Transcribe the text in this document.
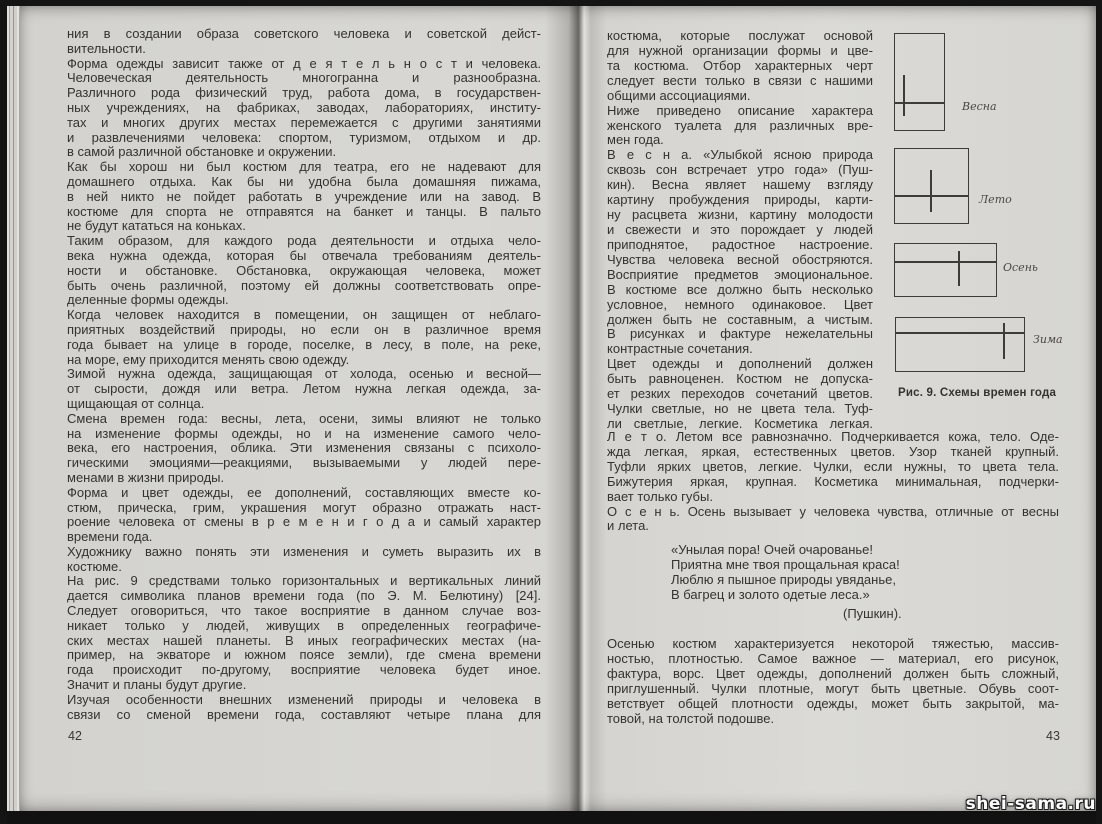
ния в создании образа советского человека и советской дейст-
вительности.
Форма одежды зависит также от д е я т е л ь н о с т и человека.
Человеческая деятельность многогранна и разнообразна.
Различного рода физический труд, работа дома, в государствен-
ных учреждениях, на фабриках, заводах, лабораториях, институ-
тах и многих других местах перемежается с другими занятиями
и развлечениями человека: спортом, туризмом, отдыхом и др.
в самой различной обстановке и окружении.
Как бы хорош ни был костюм для театра, его не надевают для
домашнего отдыха. Как бы ни удобна была домашняя пижама,
в ней никто не пойдет работать в учреждение или на завод. В
костюме для спорта не отправятся на банкет и танцы. В пальто
не будут кататься на коньках.
Таким образом, для каждого рода деятельности и отдыха чело-
века нужна одежда, которая бы отвечала требованиям деятель-
ности и обстановке. Обстановка, окружающая человека, может
быть очень различной, поэтому ей должны соответствовать опре-
деленные формы одежды.
Когда человек находится в помещении, он защищен от неблаго-
приятных воздействий природы, но если он в различное время
года бывает на улице в городе, поселке, в лесу, в поле, на реке,
на море, ему приходится менять свою одежду.
Зимой нужна одежда, защищающая от холода, осенью и весной—
от сырости, дождя или ветра. Летом нужна легкая одежда, за-
щищающая от солнца.
Смена времен года: весны, лета, осени, зимы влияют не только
на изменение формы одежды, но и на изменение самого чело-
века, его настроения, облика. Эти изменения связаны с психоло-
гическими эмоциями—реакциями, вызываемыми у людей пере-
менами в жизни природы.
Форма и цвет одежды, ее дополнений, составляющих вместе ко-
стюм, прическа, грим, украшения могут образно отражать наст-
роение человека от смены в р е м е н и г о д а и самый характер
времени года.
Художнику важно понять эти изменения и суметь выразить их в
костюме.
На рис. 9 средствами только горизонтальных и вертикальных линий
дается символика планов времени года (по Э. М. Белютину) [24].
Следует оговориться, что такое восприятие в данном случае воз-
никает только у людей, живущих в определенных географиче-
ских местах нашей планеты. В иных географических местах (на-
пример, на экваторе и южном поясе земли), где смена времени
года происходит по-другому, восприятие человека будет иное.
Значит и планы будут другие.
Изучая особенности внешних изменений природы и человека в
связи со сменой времени года, составляют четыре плана для
42
костюма, которые послужат основой
для нужной организации формы и цве-
та костюма. Отбор характерных черт
следует вести только в связи с нашими
общими ассоциациями.
Ниже приведено описание характера
женского туалета для различных вре-
мен года.
В е с н а. «Улыбкой ясною природа
сквозь сон встречает утро года» (Пуш-
кин). Весна являет нашему взгляду
картину пробуждения природы, карти-
ну расцвета жизни, картину молодости
и свежести и это порождает у людей
приподнятое, радостное настроение.
Чувства человека весной обостряются.
Восприятие предметов эмоциональное.
В костюме все должно быть несколько
условное, немного одинаковое. Цвет
должен быть не составным, а чистым.
В рисунках и фактуре нежелательны
контрастные сочетания.
Цвет одежды и дополнений должен
быть равноценен. Костюм не допуска-
ет резких переходов сочетаний цветов.
Чулки светлые, но не цвета тела. Туф-
ли светлые, легкие. Косметика легкая.
Л е т о. Летом все равнозначно. Подчеркивается кожа, тело. Оде-
жда легкая, яркая, естественных цветов. Узор тканей крупный.
Туфли ярких цветов, легкие. Чулки, если нужны, то цвета тела.
Бижутерия яркая, крупная. Косметика минимальная, подчерки-
вает только губы.
О с е н ь. Осень вызывает у человека чувства, отличные от весны
и лета.
«Унылая пора! Очей очарованье!
Приятна мне твоя прощальная краса!
Люблю я пышное природы увяданье,
В багрец и золото одетые леса.»
(Пушкин).
Осенью костюм характеризуется некоторой тяжестью, массив-
ностью, плотностью. Самое важное — материал, его рисунок,
фактура, ворс. Цвет одежды, дополнений должен быть сложный,
приглушенный. Чулки плотные, могут быть цветные. Обувь соот-
ветствует общей плотности одежды, может быть закрытой, ма-
товой, на толстой подошве.
43
Весна
Лето
Осень
Зима
Рис. 9. Схемы времен года
shei-sama.ru
